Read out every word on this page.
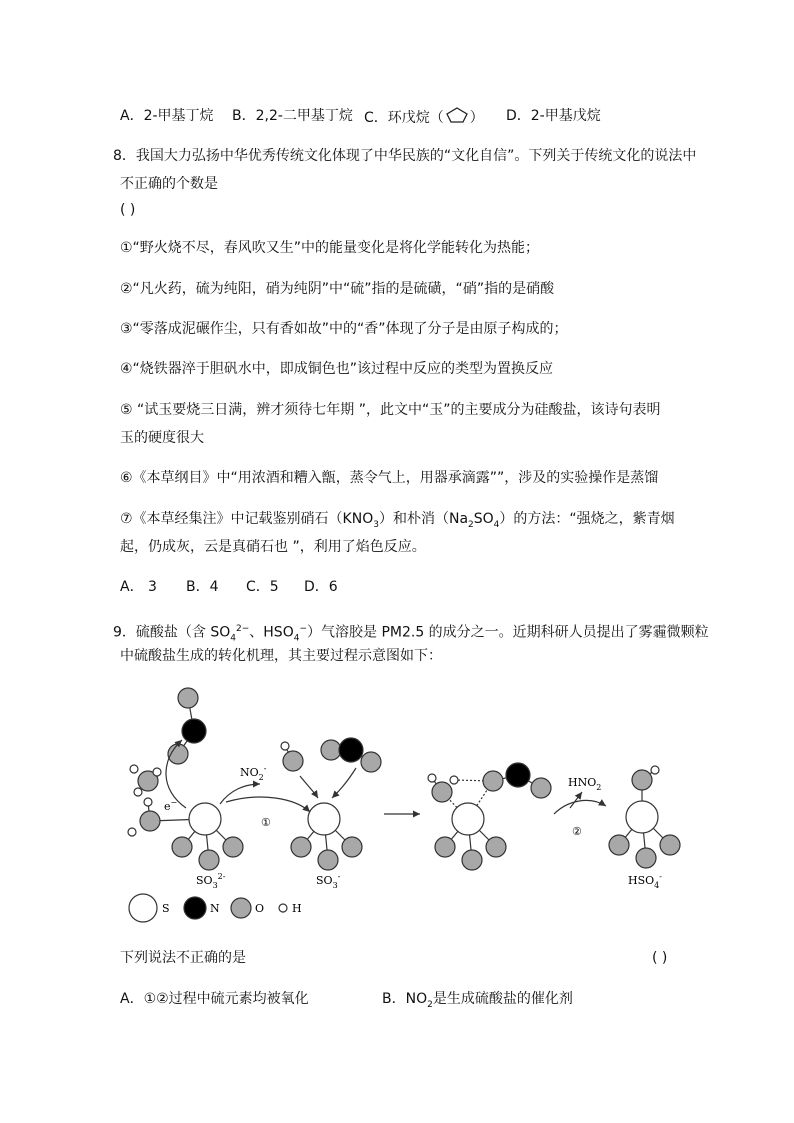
A．2-甲基丁烷 B．2,2-二甲基丁烷 C．环戊烷（ ） D．2-甲基戊烷
8．我国大力弘扬中华优秀传统文化体现了中华民族的“文化自信”。下列关于传统文化的说法中
不正确的个数是
( )
①“野火烧不尽，春风吹又生”中的能量变化是将化学能转化为热能；
②“凡火药，硫为纯阳，硝为纯阴”中“硫”指的是硫磺，“硝”指的是硝酸
③“零落成泥碾作尘，只有香如故”中的“香”体现了分子是由原子构成的；
④“烧铁器淬于胆矾水中，即成铜色也”该过程中反应的类型为置换反应
⑤ “试玉要烧三日满，辨才须待七年期 ”，此文中“玉”的主要成分为硅酸盐，该诗句表明
玉的硬度很大
⑥《本草纲目》中“用浓酒和糟入甑，蒸令气上，用器承滴露””，涉及的实验操作是蒸馏
⑦《本草经集注》中记载鉴别硝石$(KNO_3)$和朴消$(Na_2SO_4)$的方法：“强烧之，紫青烟
起，仍成灰，云是真硝石也 ”，利用了焰色反应。
A． 3 B．4 C．5 D．6
9．硫酸盐（含 $SO_4^{2-}$、$HSO_4^-$）气溶胶是 PM2.5 的成分之一。近期科研人员提出了雾霾微颗粒
中硫酸盐生成的转化机理，其主要过程示意图如下：
e−
$NO_2^-$
①
$SO_3^{2-}$	$SO_3^-$
$HNO_2$
②
$HSO_4^-$
S	N	O	H
下列说法不正确的是	( )
A．①②过程中硫元素均被氧化	B．$NO_2$是生成硫酸盐的催化剂
